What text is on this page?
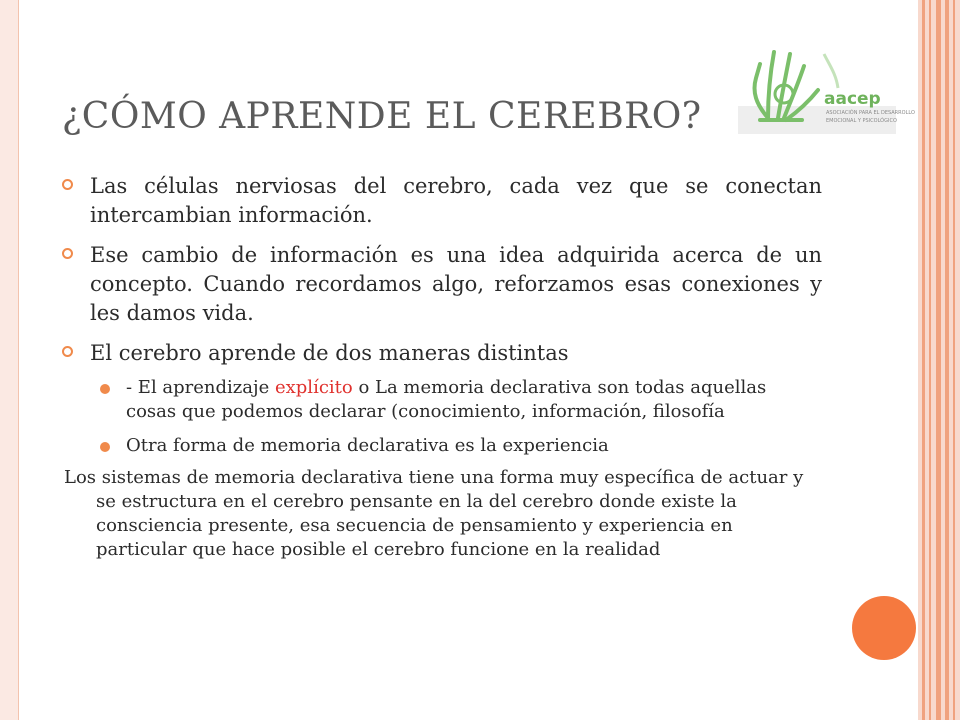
¿CÓMO APRENDE EL CEREBRO?	aacep
ASOCIACIÓN PARA EL DESARROLLO
EMOCIONAL Y PSICOLÓGICO
Las células nerviosas del cerebro, cada vez que se conectan intercambian información.
Ese cambio de información es una idea adquirida acerca de un concepto. Cuando recordamos algo, reforzamos esas conexiones y les damos vida.
El cerebro aprende de dos maneras distintas
- El aprendizaje explícito o La memoria declarativa son todas aquellas cosas que podemos declarar (conocimiento, información, filosofía
Otra forma de memoria declarativa es la experiencia
Los sistemas de memoria declarativa tiene una forma muy específica de actuar y se estructura en el cerebro pensante en la del cerebro donde existe la consciencia presente, esa secuencia de pensamiento y experiencia en particular que hace posible el cerebro funcione en la realidad
